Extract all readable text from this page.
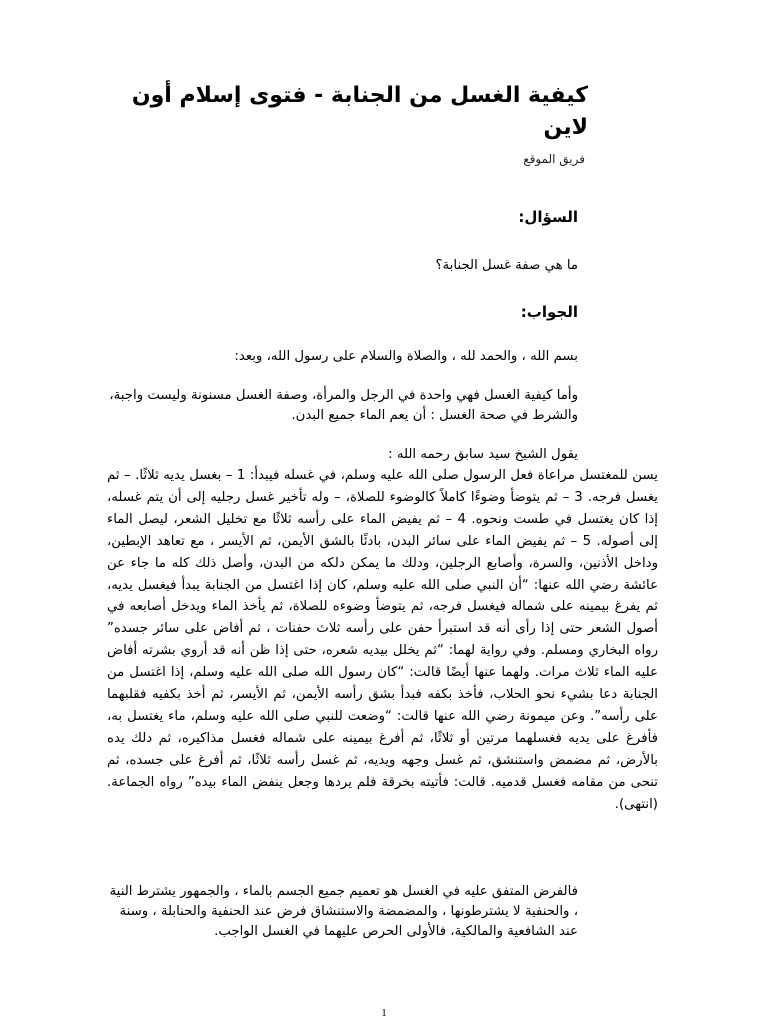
كيفية الغسل من الجنابة - فتوى إسلام أون لاين
فريق الموقع
السؤال:
ما هي صفة غسل الجنابة؟
الجواب:
بسم الله ، والحمد لله ، والصلاة والسلام على رسول الله، وبعد:
وأما كيفية الغسل فهي واحدة في الرجل والمرأة، وصفة الغسل مسنونة وليست واجبة، والشرط في صحة الغسل : أن يعم الماء جميع البدن.
يقول الشيخ سيد سابق رحمه الله :
يسن للمغتسل مراعاة فعل الرسول صلى الله عليه وسلم، في غسله فيبدأ: 1 – بغسل يديه ثلاثًا. – ثم يغسل فرجه. 3 – ثم يتوضأ وضوءًا كاملاً كالوضوء للصلاة، – وله تأخير غسل رجليه إلى أن يتم غسله، إذا كان يغتسل في طست ونحوه. 4 – ثم يفيض الماء على رأسه ثلاثًا مع تخليل الشعر، ليصل الماء إلى أصوله. 5 – ثم يفيض الماء على سائر البدن، بادئًا بالشق الأيمن، ثم الأيسر ، مع تعاهد الإبطين، وداخل الأذنين، والسرة، وأصابع الرجلين، ودلك ما يمكن دلكه من البدن، وأصل ذلك كله ما جاء عن عائشة رضي الله عنها: “أن النبي صلى الله عليه وسلم، كان إذا اغتسل من الجنابة يبدأ فيغسل يديه، ثم يفرغ بيمينه على شماله فيغسل فرجه، ثم يتوضأ وضوءه للصلاة، ثم يأخذ الماء ويدخل أصابعه في أصول الشعر حتى إذا رأى أنه قد استبرأ حفن على رأسه ثلاث حفنات ، ثم أفاض على سائر جسده” رواه البخاري ومسلم. وفي رواية لهما: “ثم يخلل بيديه شعره، حتى إذا ظن أنه قد أروي بشرته أفاض عليه الماء ثلاث مرات. ولهما عنها أيضًا قالت: “كان رسول الله صلى الله عليه وسلم، إذا اغتسل من الجنابة دعا بشيء نحو الحلاب، فأخذ بكفه فبدأ بشق رأسه الأيمن، ثم الأيسر، ثم أخذ بكفيه فقلبهما على رأسه”. وعن ميمونة رضي الله عنها قالت: “وضعت للنبي صلى الله عليه وسلم، ماء يغتسل به، فأفرغ على يديه فغسلهما مرتين أو ثلاثًا، ثم أفرغ بيمينه على شماله فغسل مذاكيره، ثم دلك يده بالأرض، ثم مضمض واستنشق، ثم غسل وجهه ويديه، ثم غسل رأسه ثلاثًا، ثم أفرغ على جسده، ثم تنحى من مقامه فغسل قدميه. قالت: فأتيته بخرقة فلم يردها وجعل ينفض الماء بيده” رواه الجماعة. (انتهى).
فالفرض المتفق عليه في الغسل هو تعميم جميع الجسم بالماء ، والجمهور يشترط النية ، والحنفية لا يشترطونها ، والمضمضة والاستنشاق فرض عند الحنفية والحنابلة ، وسنة عند الشافعية والمالكية، فالأولى الحرص عليهما في الغسل الواجب.
1
